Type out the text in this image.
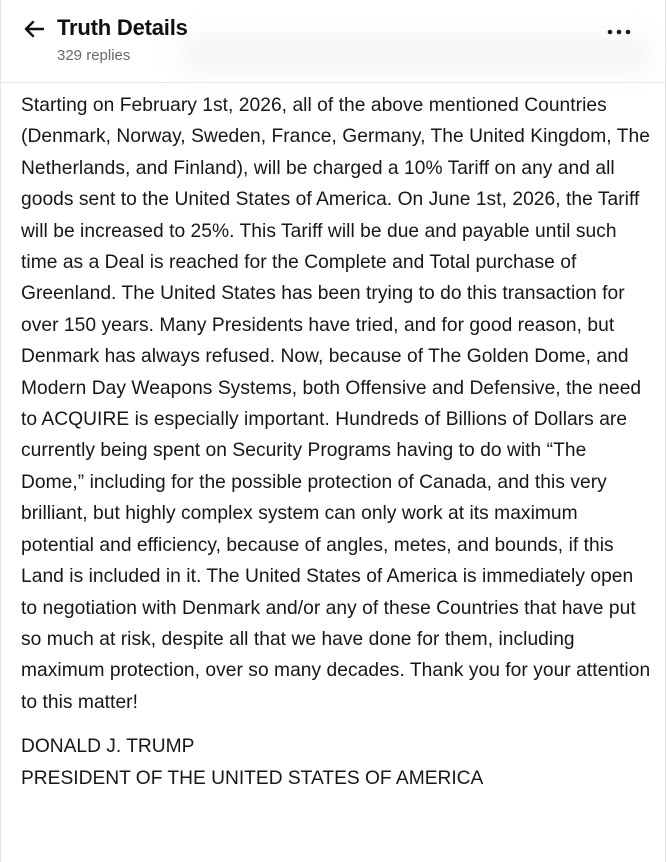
Truth Details
329 replies

Starting on February 1st, 2026, all of the above mentioned Countries (Denmark, Norway, Sweden, France, Germany, The United Kingdom, The Netherlands, and Finland), will be charged a 10% Tariff on any and all goods sent to the United States of America. On June 1st, 2026, the Tariff will be increased to 25%. This Tariff will be due and payable until such time as a Deal is reached for the Complete and Total purchase of Greenland. The United States has been trying to do this transaction for over 150 years. Many Presidents have tried, and for good reason, but Denmark has always refused. Now, because of The Golden Dome, and Modern Day Weapons Systems, both Offensive and Defensive, the need to ACQUIRE is especially important. Hundreds of Billions of Dollars are currently being spent on Security Programs having to do with “The Dome,” including for the possible protection of Canada, and this very brilliant, but highly complex system can only work at its maximum potential and efficiency, because of angles, metes, and bounds, if this Land is included in it. The United States of America is immediately open to negotiation with Denmark and/or any of these Countries that have put so much at risk, despite all that we have done for them, including maximum protection, over so many decades. Thank you for your attention to this matter!

DONALD J. TRUMP
PRESIDENT OF THE UNITED STATES OF AMERICA
